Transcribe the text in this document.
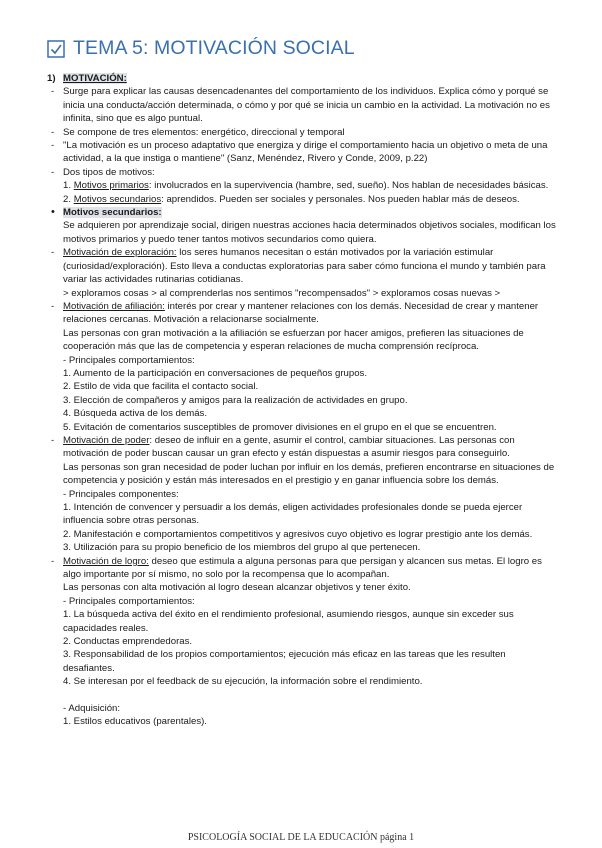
TEMA 5: MOTIVACIÓN SOCIAL

1) MOTIVACIÓN:

- Surge para explicar las causas desencadenantes del comportamiento de los individuos. Explica cómo y porqué se inicia una conducta/acción determinada, o cómo y por qué se inicia un cambio en la actividad. La motivación no es infinita, sino que es algo puntual.
- Se compone de tres elementos: energético, direccional y temporal
- "La motivación es un proceso adaptativo que energiza y dirige el comportamiento hacia un objetivo o meta de una actividad, a la que instiga o mantiene" (Sanz, Menéndez, Rivero y Conde, 2009, p.22)
- Dos tipos de motivos:

1. Motivos primarios: involucrados en la supervivencia (hambre, sed, sueño). Nos hablan de necesidades básicas.

2. Motivos secundarios: aprendidos. Pueden ser sociales y personales. Nos pueden hablar más de deseos.

• Motivos secundarios:

Se adquieren por aprendizaje social, dirigen nuestras acciones hacia determinados objetivos sociales, modifican los motivos primarios y puedo tener tantos motivos secundarios como quiera.

- Motivación de exploración: los seres humanos necesitan o están motivados por la variación estimular (curiosidad/exploración). Esto lleva a conductas exploratorias para saber cómo funciona el mundo y también para variar las actividades rutinarias cotidianas.

> exploramos cosas > al comprenderlas nos sentimos "recompensados" > exploramos cosas nuevas >

- Motivación de afiliación: interés por crear y mantener relaciones con los demás. Necesidad de crear y mantener relaciones cercanas. Motivación a relacionarse socialmente.

Las personas con gran motivación a la afiliación se esfuerzan por hacer amigos, prefieren las situaciones de cooperación más que las de competencia y esperan relaciones de mucha comprensión recíproca.

- Principales comportamientos:

1. Aumento de la participación en conversaciones de pequeños grupos.

2. Estilo de vida que facilita el contacto social.

3. Elección de compañeros y amigos para la realización de actividades en grupo.

4. Búsqueda activa de los demás.

5. Evitación de comentarios susceptibles de promover divisiones en el grupo en el que se encuentren.

- Motivación de poder: deseo de influir en a gente, asumir el control, cambiar situaciones. Las personas con motivación de poder buscan causar un gran efecto y están dispuestas a asumir riesgos para conseguirlo.

Las personas son gran necesidad de poder luchan por influir en los demás, prefieren encontrarse en situaciones de competencia y posición y están más interesados en el prestigio y en ganar influencia sobre los demás.

- Principales componentes:

1. Intención de convencer y persuadir a los demás, eligen actividades profesionales donde se pueda ejercer influencia sobre otras personas.

2. Manifestación e comportamientos competitivos y agresivos cuyo objetivo es lograr prestigio ante los demás.

3. Utilización para su propio beneficio de los miembros del grupo al que pertenecen.

- Motivación de logro: deseo que estimula a alguna personas para que persigan y alcancen sus metas. El logro es algo importante por sí mismo, no solo por la recompensa que lo acompañan.

Las personas con alta motivación al logro desean alcanzar objetivos y tener éxito.

- Principales comportamientos:

1. La búsqueda activa del éxito en el rendimiento profesional, asumiendo riesgos, aunque sin exceder sus capacidades reales.

2. Conductas emprendedoras.

3. Responsabilidad de los propios comportamientos; ejecución más eficaz en las tareas que les resulten desafiantes.

4. Se interesan por el feedback de su ejecución, la información sobre el rendimiento.

- Adquisición:

1. Estilos educativos (parentales).

PSICOLOGÍA SOCIAL DE LA EDUCACIÓN página 1
